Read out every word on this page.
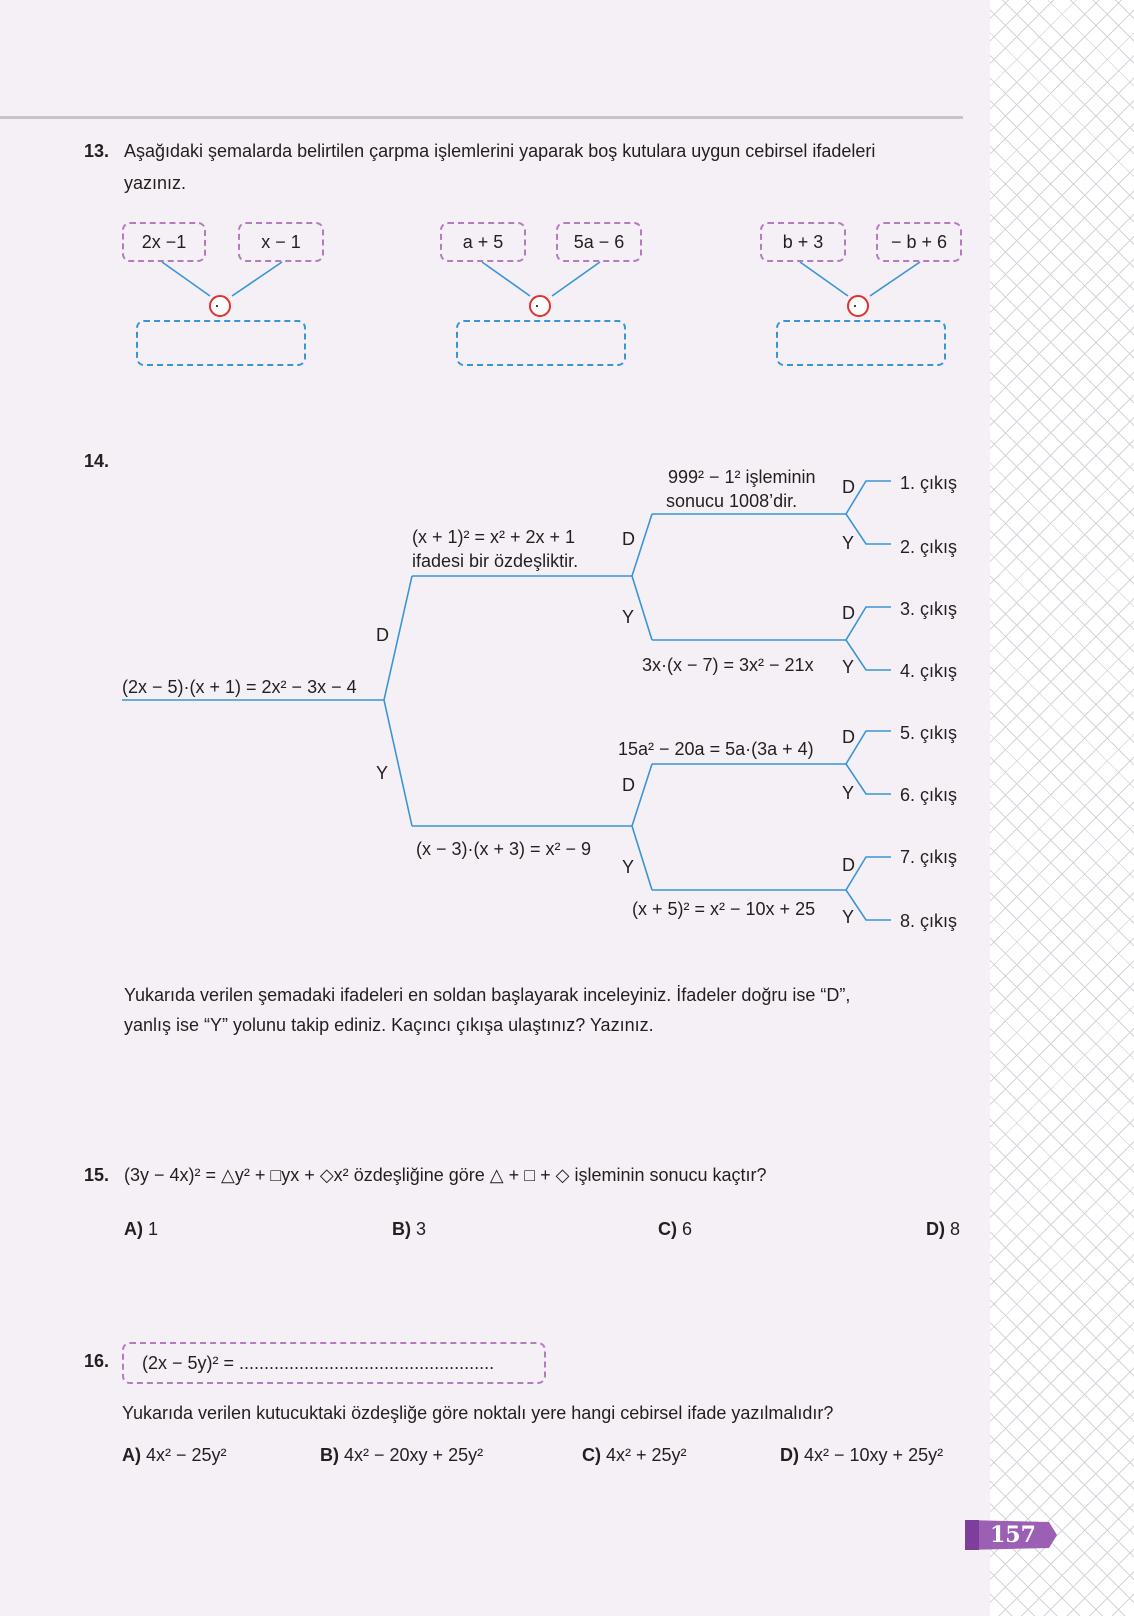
13. Aşağıdaki şemalarda belirtilen çarpma işlemlerini yaparak boş kutulara uygun cebirsel ifadeleri
yazınız.
·	·	·
2x −1	x − 1	a + 5	5a − 6	b + 3	− b + 6
14.
(2x − 5)·(x + 1) = 2x² − 3x − 4
D
Y
(x + 1)² = x² + 2x + 1
ifadesi bir özdeşliktir.
(x − 3)·(x + 3) = x² − 9
D
Y
D
Y
999² − 1² işleminin
sonucu 1008’dir.
3x·(x − 7) = 3x² − 21x
15a² − 20a = 5a·(3a + 4)
(x + 5)² = x² − 10x + 25
D
Y
D
Y
D
Y
D
Y
1. çıkış
2. çıkış
3. çıkış
4. çıkış
5. çıkış
6. çıkış
7. çıkış
8. çıkış
Yukarıda verilen şemadaki ifadeleri en soldan başlayarak inceleyiniz. İfadeler doğru ise “D”,
yanlış ise “Y” yolunu takip ediniz. Kaçıncı çıkışa ulaştınız? Yazınız.
15. (3y − 4x)² = △y² + □yx + ◇x² özdeşliğine göre △ + □ + ◇ işleminin sonucu kaçtır?
A) 1	B) 3	C) 6	D) 8
16.	(2x − 5y)² = ...................................................
Yukarıda verilen kutucuktaki özdeşliğe göre noktalı yere hangi cebirsel ifade yazılmalıdır?
A) 4x² − 25y²	B) 4x² − 20xy + 25y²	C) 4x² + 25y²	D) 4x² − 10xy + 25y²
157
